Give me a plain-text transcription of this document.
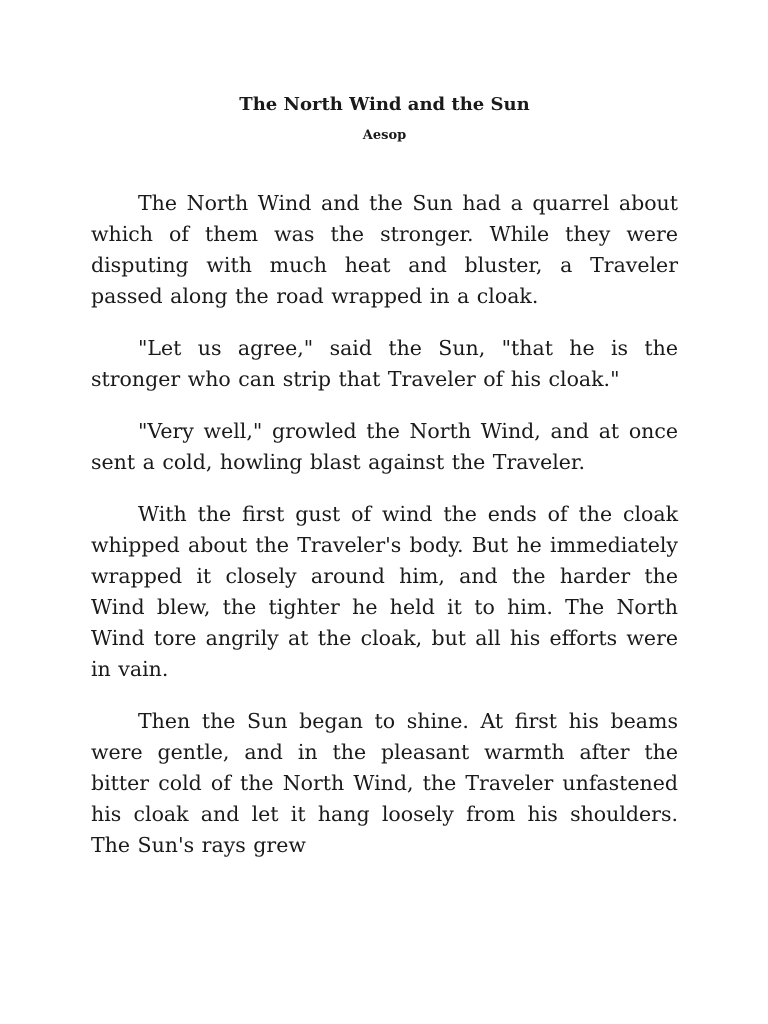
The North Wind and the Sun
Aesop

The North Wind and the Sun had a quarrel about which of them was the stronger. While they were disputing with much heat and bluster, a Traveler passed along the road wrapped in a cloak.

"Let us agree," said the Sun, "that he is the stronger who can strip that Traveler of his cloak."

"Very well," growled the North Wind, and at once sent a cold, howling blast against the Traveler.

With the first gust of wind the ends of the cloak whipped about the Traveler's body. But he immediately wrapped it closely around him, and the harder the Wind blew, the tighter he held it to him. The North Wind tore angrily at the cloak, but all his efforts were in vain.

Then the Sun began to shine. At first his beams were gentle, and in the pleasant warmth after the bitter cold of the North Wind, the Traveler unfastened his cloak and let it hang loosely from his shoulders. The Sun's rays grew
